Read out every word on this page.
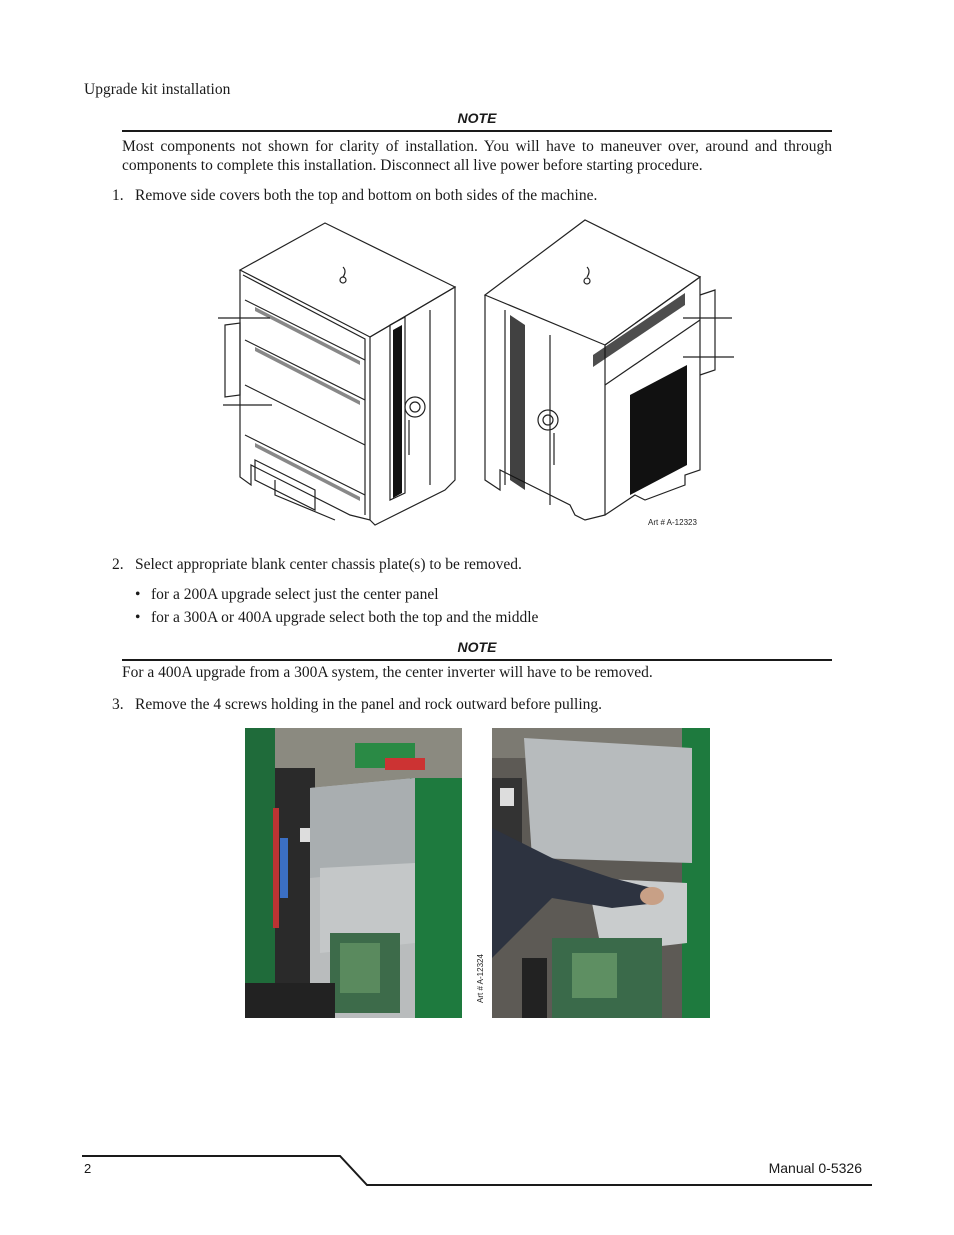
Upgrade kit installation
NOTE
Most components not shown for clarity of installation. You will have to maneuver over, around and through components to complete this installation. Disconnect all live power before starting procedure.
1. Remove side covers both the top and bottom on both sides of the machine.
Art # A-12323
2. Select appropriate blank center chassis plate(s) to be removed.
• for a 200A upgrade select just the center panel
• for a 300A or 400A upgrade select both the top and the middle
NOTE
For a 400A upgrade from a 300A system, the center inverter will have to be removed.
3. Remove the 4 screws holding in the panel and rock outward before pulling.
Art # A-12324
2	Manual 0-5326
